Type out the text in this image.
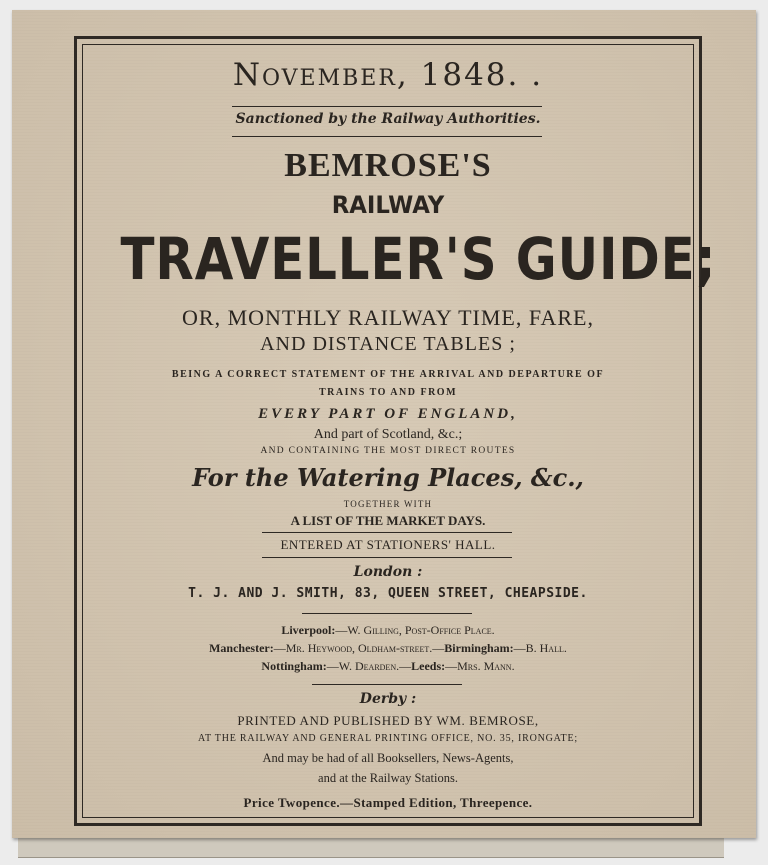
November, 1848. .
Sanctioned by the Railway Authorities.
BEMROSE'S
RAILWAY
TRAVELLER'S GUIDE;
OR, MONTHLY RAILWAY TIME, FARE,
AND DISTANCE TABLES ;
BEING A CORRECT STATEMENT OF THE ARRIVAL AND DEPARTURE OF
TRAINS TO AND FROM
EVERY PART OF ENGLAND,
And part of Scotland, &c.;
AND CONTAINING THE MOST DIRECT ROUTES
For the Watering Places, &c.,
TOGETHER WITH
A LIST OF THE MARKET DAYS.
ENTERED AT STATIONERS' HALL.
London :
T. J. AND J. SMITH, 83, QUEEN STREET, CHEAPSIDE.
Liverpool:—W. Gilling, Post-Office Place.
Manchester:—Mr. Heywood, Oldham-street.—Birmingham:—B. Hall.
Nottingham:—W. Dearden.—Leeds:—Mrs. Mann.
Derby :
PRINTED AND PUBLISHED BY WM. BEMROSE,
AT THE RAILWAY AND GENERAL PRINTING OFFICE, NO. 35, IRONGATE;
And may be had of all Booksellers, News-Agents,
and at the Railway Stations.
Price Twopence.—Stamped Edition, Threepence.
